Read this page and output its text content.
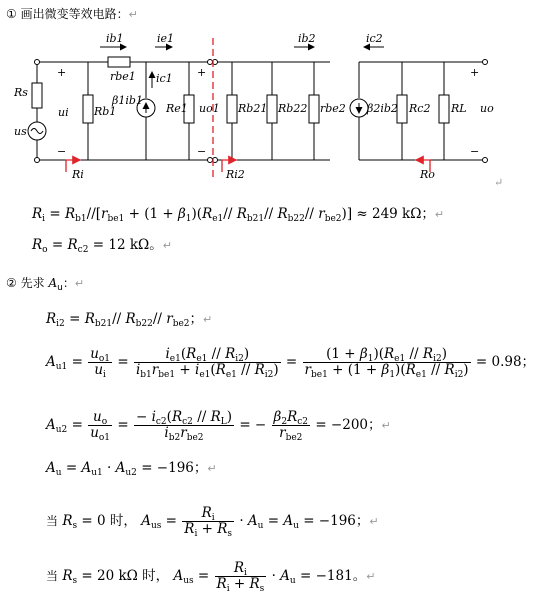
① 画出微变等效电路：↵
Rs
us
+
−
ui Rb1
ib1
rbe1
β1ib1
ic1
ie1
Re1
+
uo1
−
Rb21 Rb22
ib2
rbe2
ic2
β2ib2 Rc2 RL
+
uo
−
Ri	Ri2	Ro
↵
$R_i = R_{b1}//[r_{be1} + (1 + \beta_1)(R_{e1}//$ $R_{b21}//$ $R_{b22}//$ $r_{be2})] \approx 249$ kΩ；↵
$R_o = R_{c2} = 12$ kΩ。↵
② 先求 $A_u$：↵
$R_{i2} = R_{b21}//$ $R_{b22}//$ $r_{be2}$；↵
$A_{u1} = \frac{u_{o1}}{u_i}$ =	$i_{e1}(R_{e1} // R_{i2})$
$i_{b1}r_{be1} + i_{e1}(R_{e1} // R_{i2})$ =	$(1 + \beta_1)(R_{e1} // R_{i2})$
$r_{be1} + (1 + \beta_1)(R_{e1} // R_{i2}) = 0.98$；
$A_{u2} = \frac{u_o}{u_{o1}}$ = − $i_{c2}(R_{c2} // R_L)$
$i_{b2}r_{be2}$
= − $\beta_2R_{c2}$
$r_{be2}$
= −200；↵
$A_u = A_{u1} \cdot A_{u2} = -196$；↵
当 $R_s = 0$ 时， $A_{us} = \frac{R_i}{R_i + R_s} \cdot A_u = A_u = -196$；↵
当 $R_s = 20$ kΩ 时， $A_{us} = \frac{R_i}{R_i + R_s} \cdot A_u = -181$。↵
